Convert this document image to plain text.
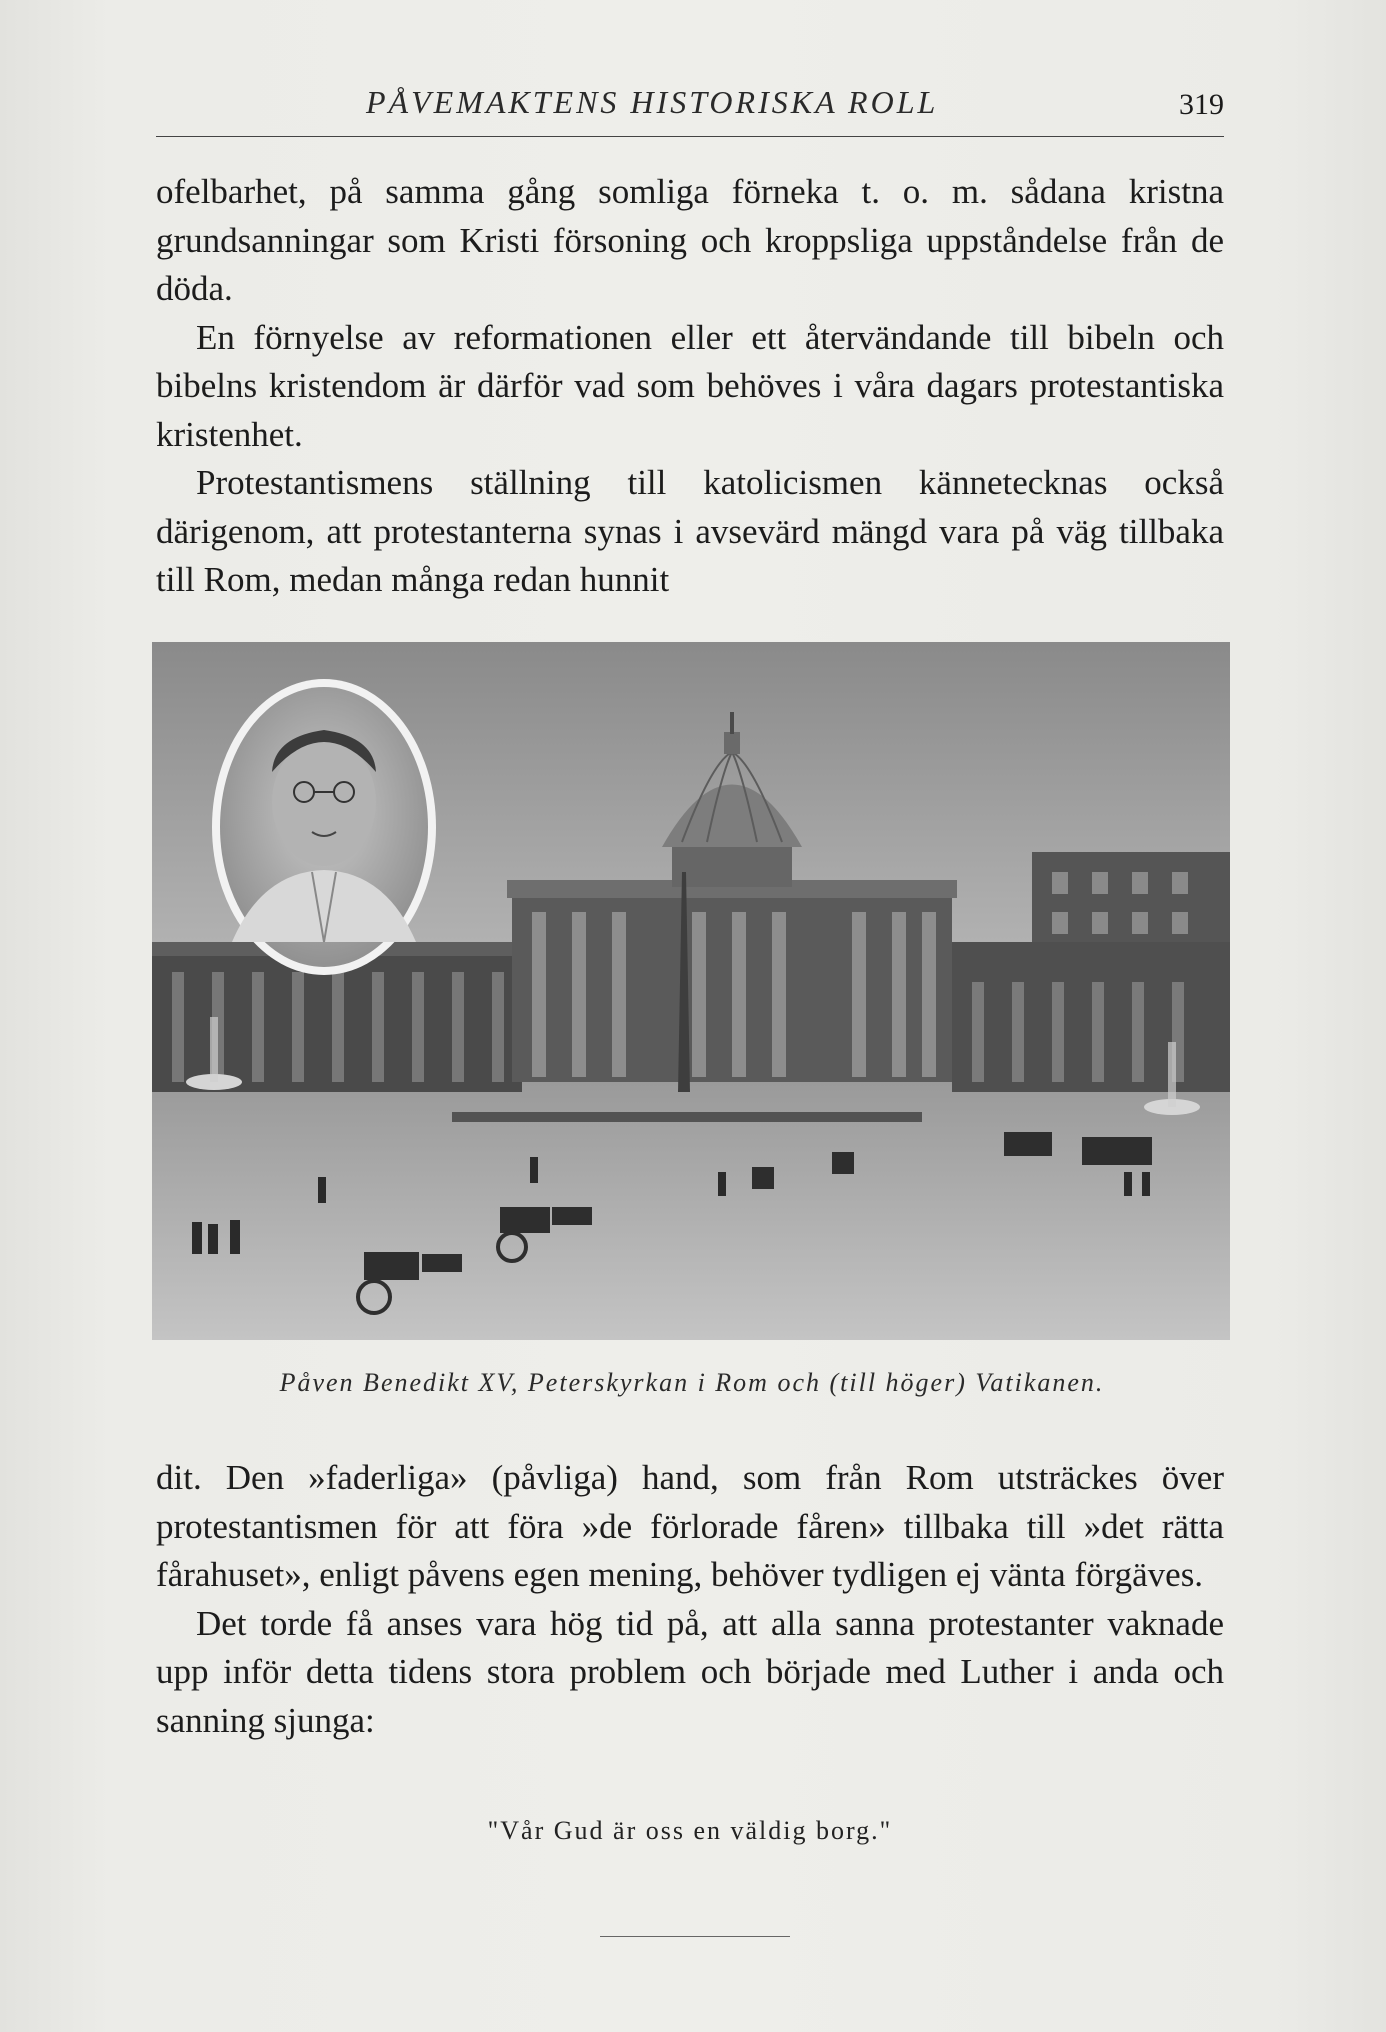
PÅVEMAKTENS HISTORISKA ROLL	319

ofelbarhet, på samma gång somliga förneka t. o. m. sådana kristna grundsanningar som Kristi försoning och kroppsliga uppståndelse från de döda.

En förnyelse av reformationen eller ett återvändande till bibeln och bibelns kristendom är därför vad som behöves i våra dagars protestantiska kristenhet.

Protestantismens ställning till katolicismen kännetecknas också därigenom, att protestanterna synas i avsevärd mängd vara på väg tillbaka till Rom, medan många redan hunnit

Påven Benedikt XV, Peterskyrkan i Rom och (till höger) Vatikanen.

dit. Den »faderliga» (påvliga) hand, som från Rom utsträckes över protestantismen för att föra »de förlorade fåren» tillbaka till »det rätta fårahuset», enligt påvens egen mening, behöver tydligen ej vänta förgäves.

Det torde få anses vara hög tid på, att alla sanna protestanter vaknade upp inför detta tidens stora problem och började med Luther i anda och sanning sjunga:

"Vår Gud är oss en väldig borg."
